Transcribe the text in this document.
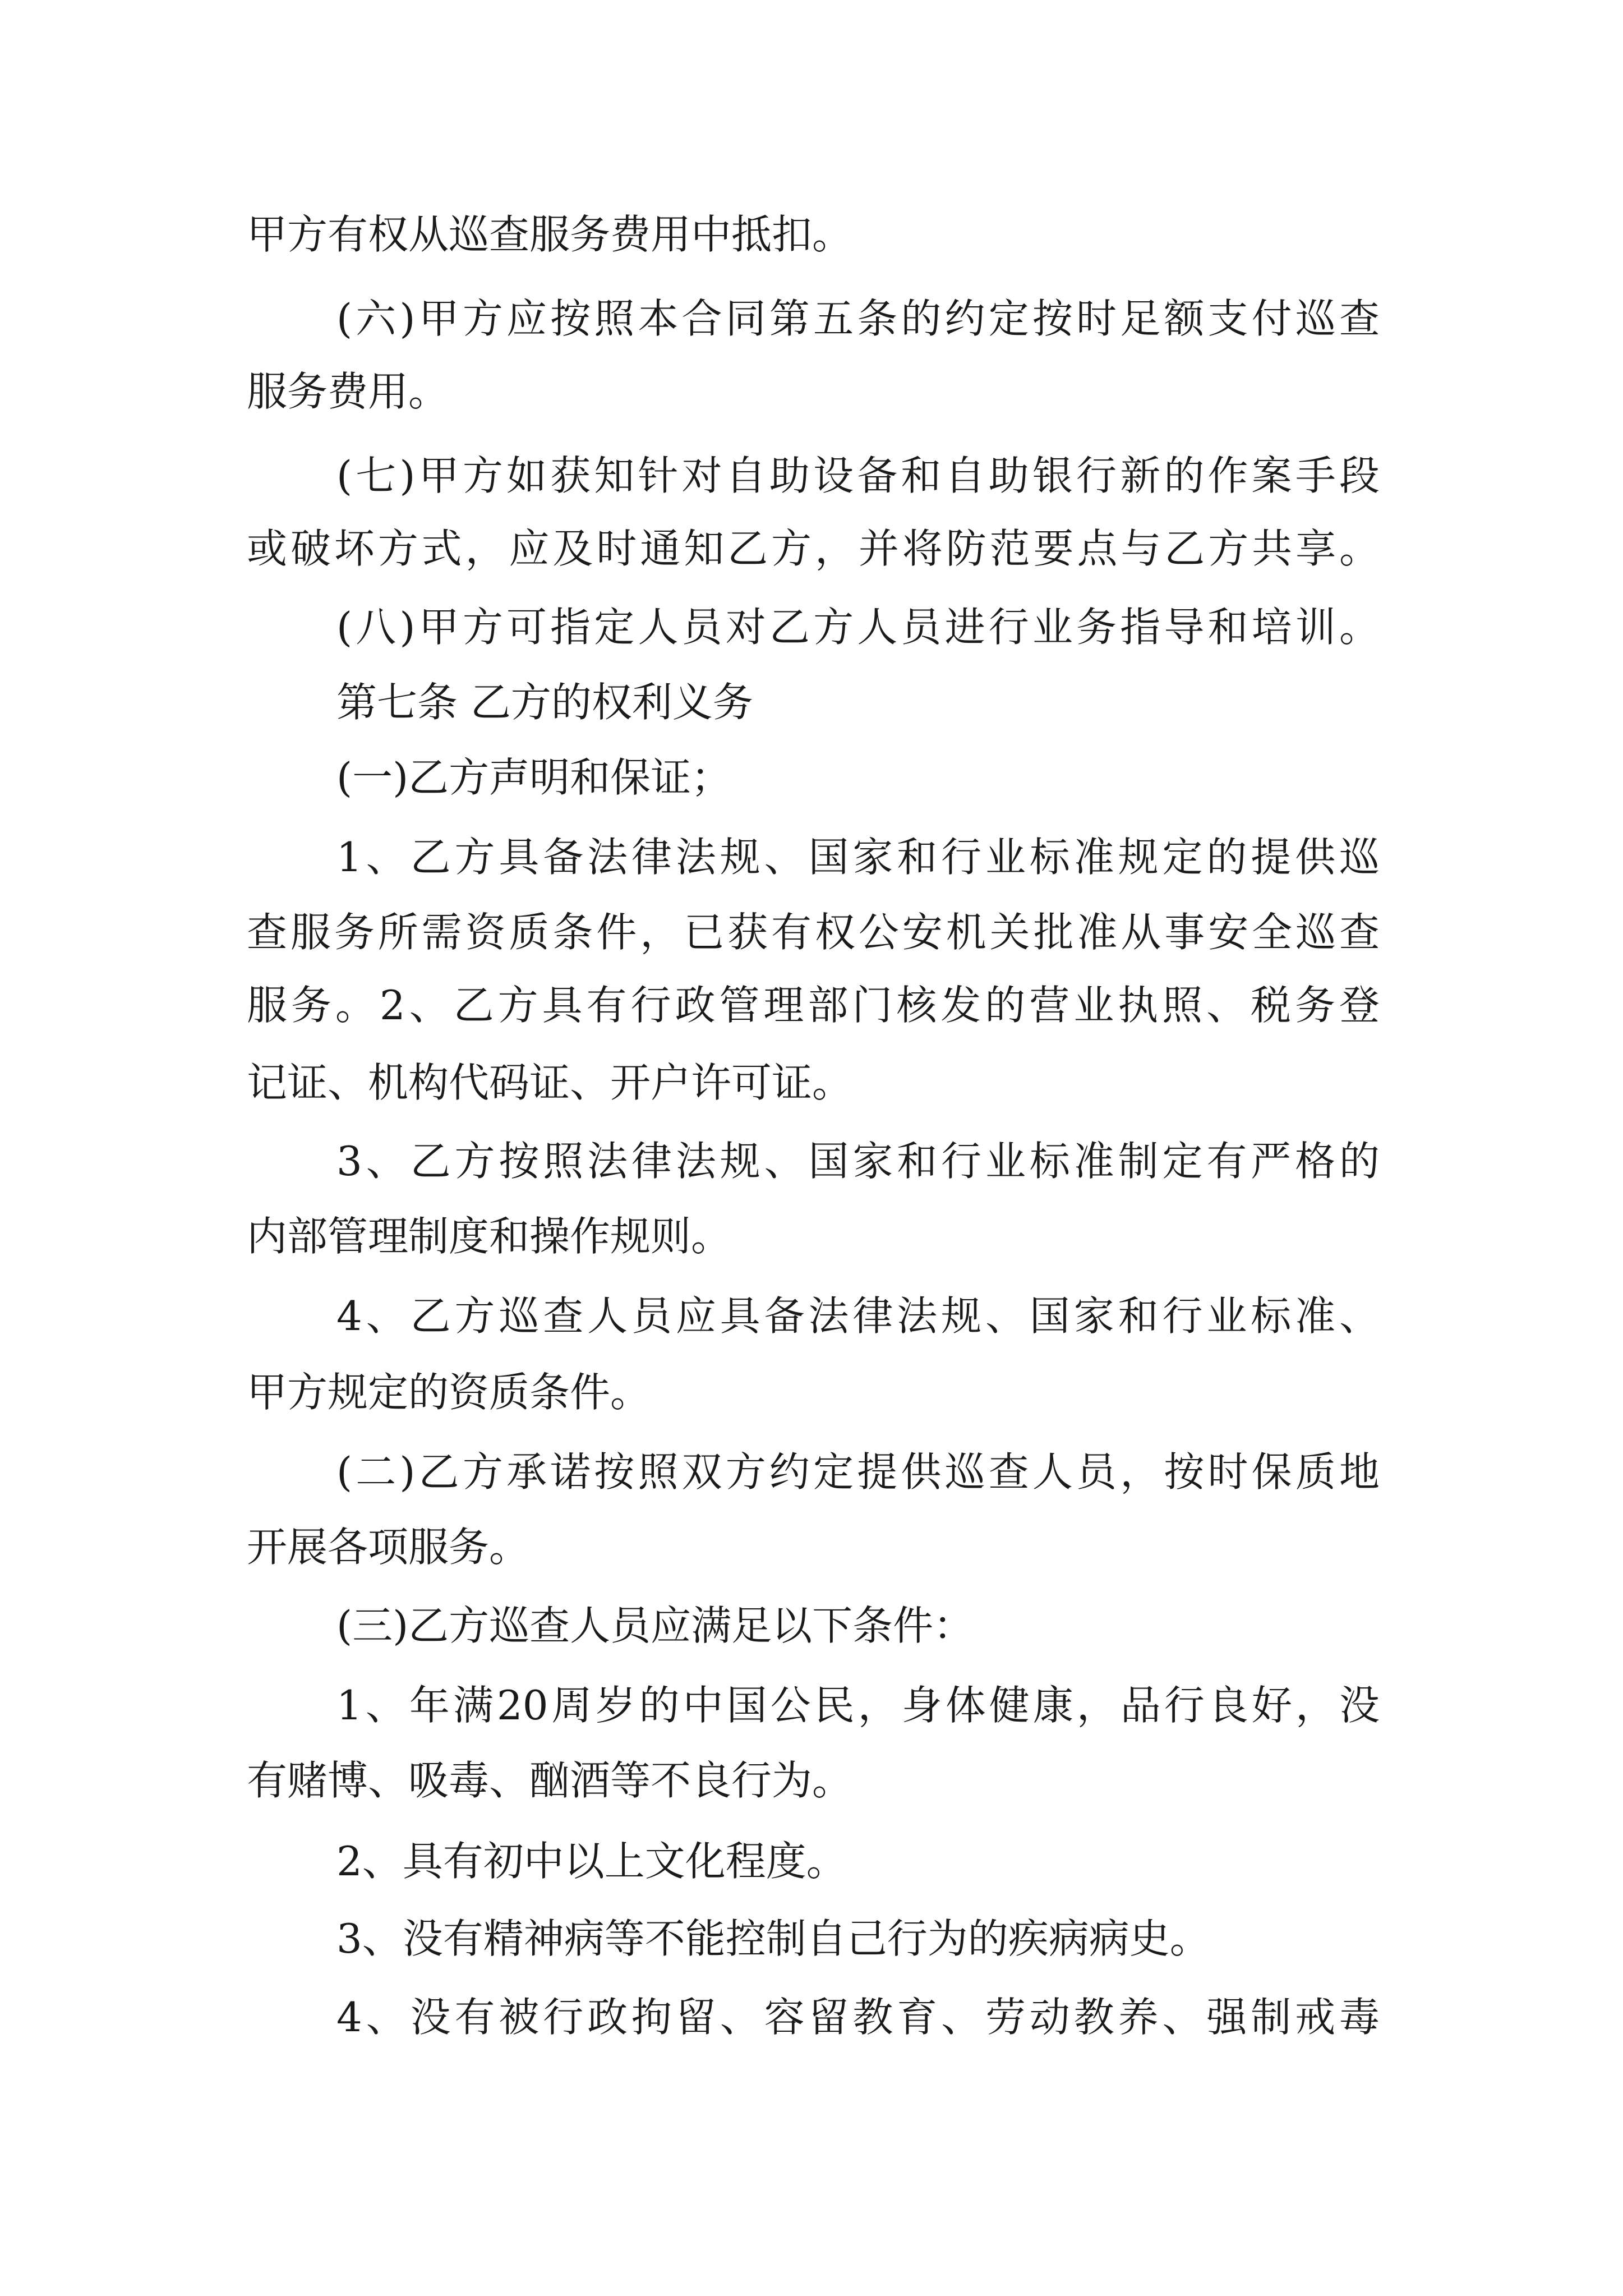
甲方有权从巡查服务费用中抵扣。
(六)甲方应按照本合同第五条的约定按时足额支付巡查
服务费用。
(七)甲方如获知针对自助设备和自助银行新的作案手段
或破坏方式，应及时通知乙方，并将防范要点与乙方共享。
(八)甲方可指定人员对乙方人员进行业务指导和培训。
第七条 乙方的权利义务
(一)乙方声明和保证；
1、乙方具备法律法规、国家和行业标准规定的提供巡
查服务所需资质条件，已获有权公安机关批准从事安全巡查
服务。2、乙方具有行政管理部门核发的营业执照、税务登
记证、机构代码证、开户许可证。
3、乙方按照法律法规、国家和行业标准制定有严格的
内部管理制度和操作规则。
4、乙方巡查人员应具备法律法规、国家和行业标准、
甲方规定的资质条件。
(二)乙方承诺按照双方约定提供巡查人员，按时保质地
开展各项服务。
(三)乙方巡查人员应满足以下条件：
1、年满20周岁的中国公民，身体健康，品行良好，没
有赌博、吸毒、酗酒等不良行为。
2、具有初中以上文化程度。
3、没有精神病等不能控制自己行为的疾病病史。
4、没有被行政拘留、容留教育、劳动教养、强制戒毒
